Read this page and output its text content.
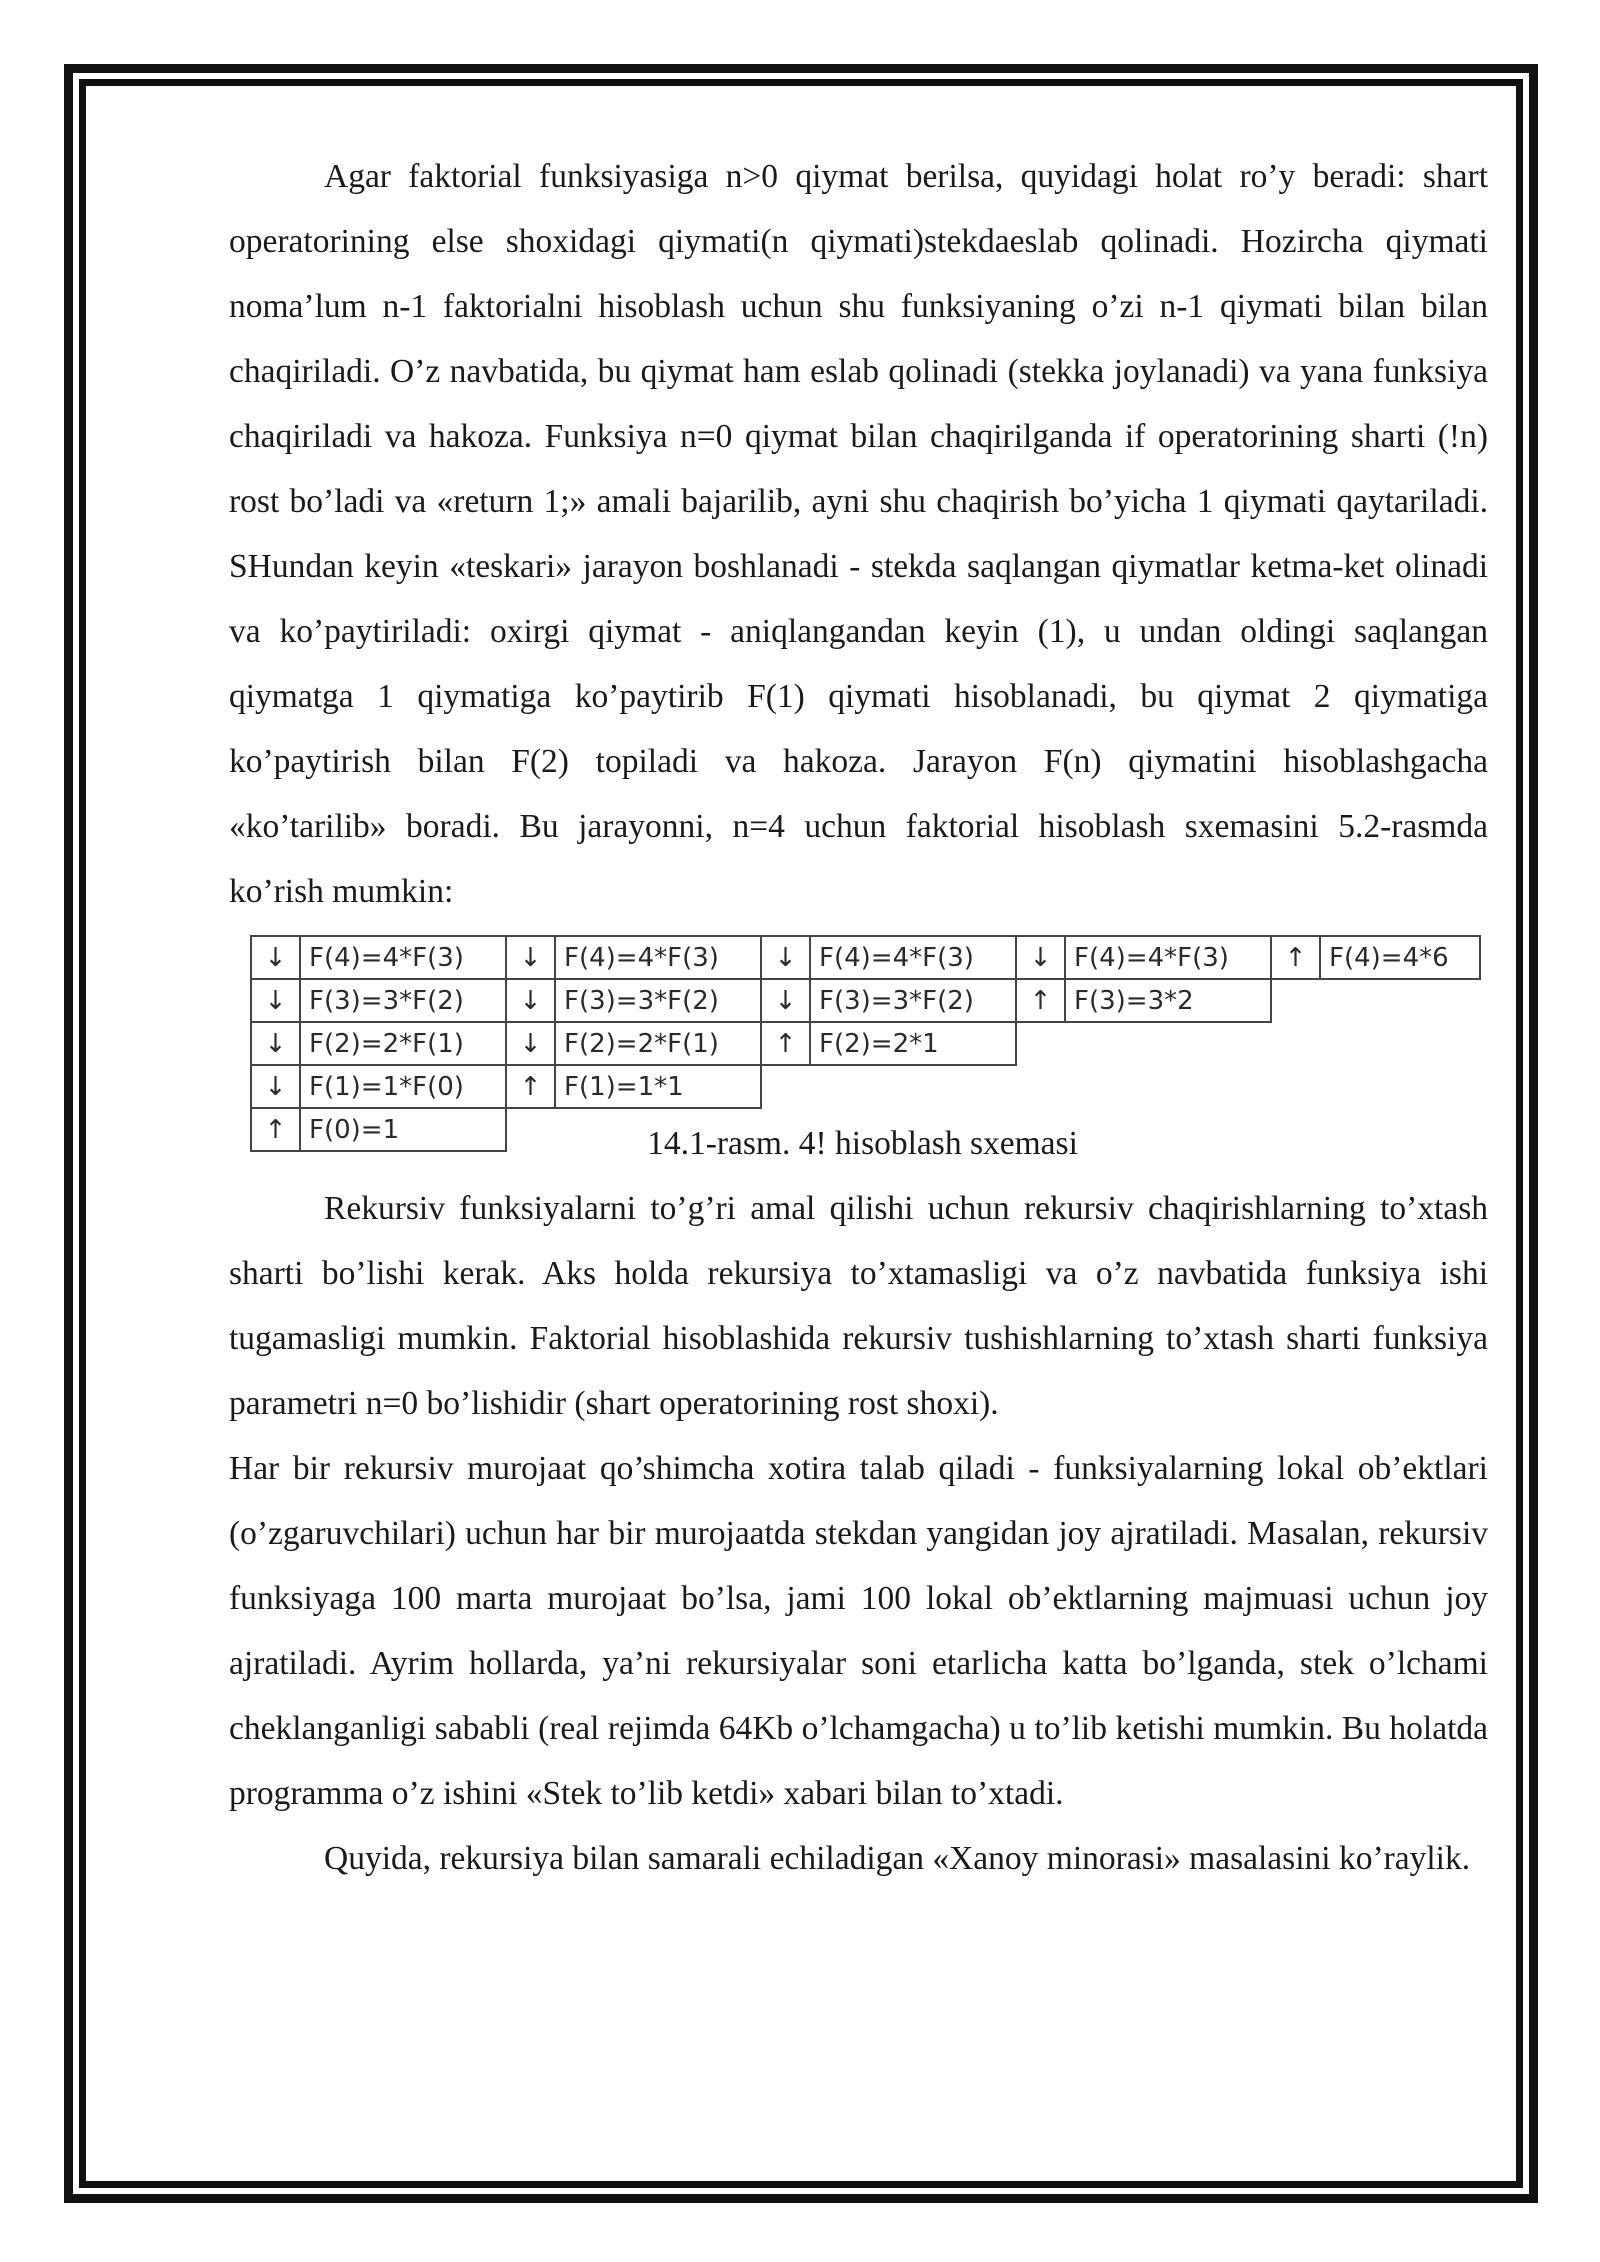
Agar faktorial funksiyasiga n>0 qiymat berilsa, quyidagi holat ro’y beradi: shart operatorining else shoxidagi qiymati(n qiymati)stekdaeslab qolinadi. Hozircha qiymati noma’lum n-1 faktorialni hisoblash uchun shu funksiyaning o’zi n-1 qiymati bilan bilan chaqiriladi. O’z navbatida, bu qiymat ham eslab qolinadi (stekka joylanadi) va yana funksiya chaqiriladi va hakoza. Funksiya n=0 qiymat bilan chaqirilganda if operatorining sharti (!n) rost bo’ladi va «return 1;» amali bajarilib, ayni shu chaqirish bo’yicha 1 qiymati qaytariladi. SHundan keyin «teskari» jarayon boshlanadi - stekda saqlangan qiymatlar ketma-ket olinadi va ko’paytiriladi: oxirgi qiymat - aniqlangandan keyin (1), u undan oldingi saqlangan qiymatga 1 qiymatiga ko’paytirib F(1) qiymati hisoblanadi, bu qiymat 2 qiymatiga ko’paytirish bilan F(2) topiladi va hakoza. Jarayon F(n) qiymatini hisoblashgacha «ko’tarilib» boradi. Bu jarayonni, n=4 uchun faktorial hisoblash sxemasini 5.2-rasmda ko’rish mumkin:

↓	F(4)=4*F(3)	↓	F(4)=4*F(3)	↓	F(4)=4*F(3)	↓	F(4)=4*F(3)	↑	F(4)=4*6
↓	F(3)=3*F(2)	↓	F(3)=3*F(2)	↓	F(3)=3*F(2)	↑	F(3)=3*2		
↓	F(2)=2*F(1)	↓	F(2)=2*F(1)	↑	F(2)=2*1				
↓	F(1)=1*F(0)	↑	F(1)=1*1						
↑	F(0)=1									14.1-rasm. 4! hisoblash sxemasi

Rekursiv funksiyalarni to’g’ri amal qilishi uchun rekursiv chaqirishlarning to’xtash sharti bo’lishi kerak. Aks holda rekursiya to’xtamasligi va o’z navbatida funksiya ishi tugamasligi mumkin. Faktorial hisoblashida rekursiv tushishlarning to’xtash sharti funksiya parametri n=0 bo’lishidir (shart operatorining rost shoxi).

Har bir rekursiv murojaat qo’shimcha xotira talab qiladi - funksiyalarning lokal ob’ektlari (o’zgaruvchilari) uchun har bir murojaatda stekdan yangidan joy ajratiladi. Masalan, rekursiv funksiyaga 100 marta murojaat bo’lsa, jami 100 lokal ob’ektlarning majmuasi uchun joy ajratiladi. Ayrim hollarda, ya’ni rekursiyalar soni etarlicha katta bo’lganda, stek o’lchami cheklanganligi sababli (real rejimda 64Kb o’lchamgacha) u to’lib ketishi mumkin. Bu holatda programma o’z ishini «Stek to’lib ketdi» xabari bilan to’xtadi.

Quyida, rekursiya bilan samarali echiladigan «Xanoy minorasi» masalasini ko’raylik.
